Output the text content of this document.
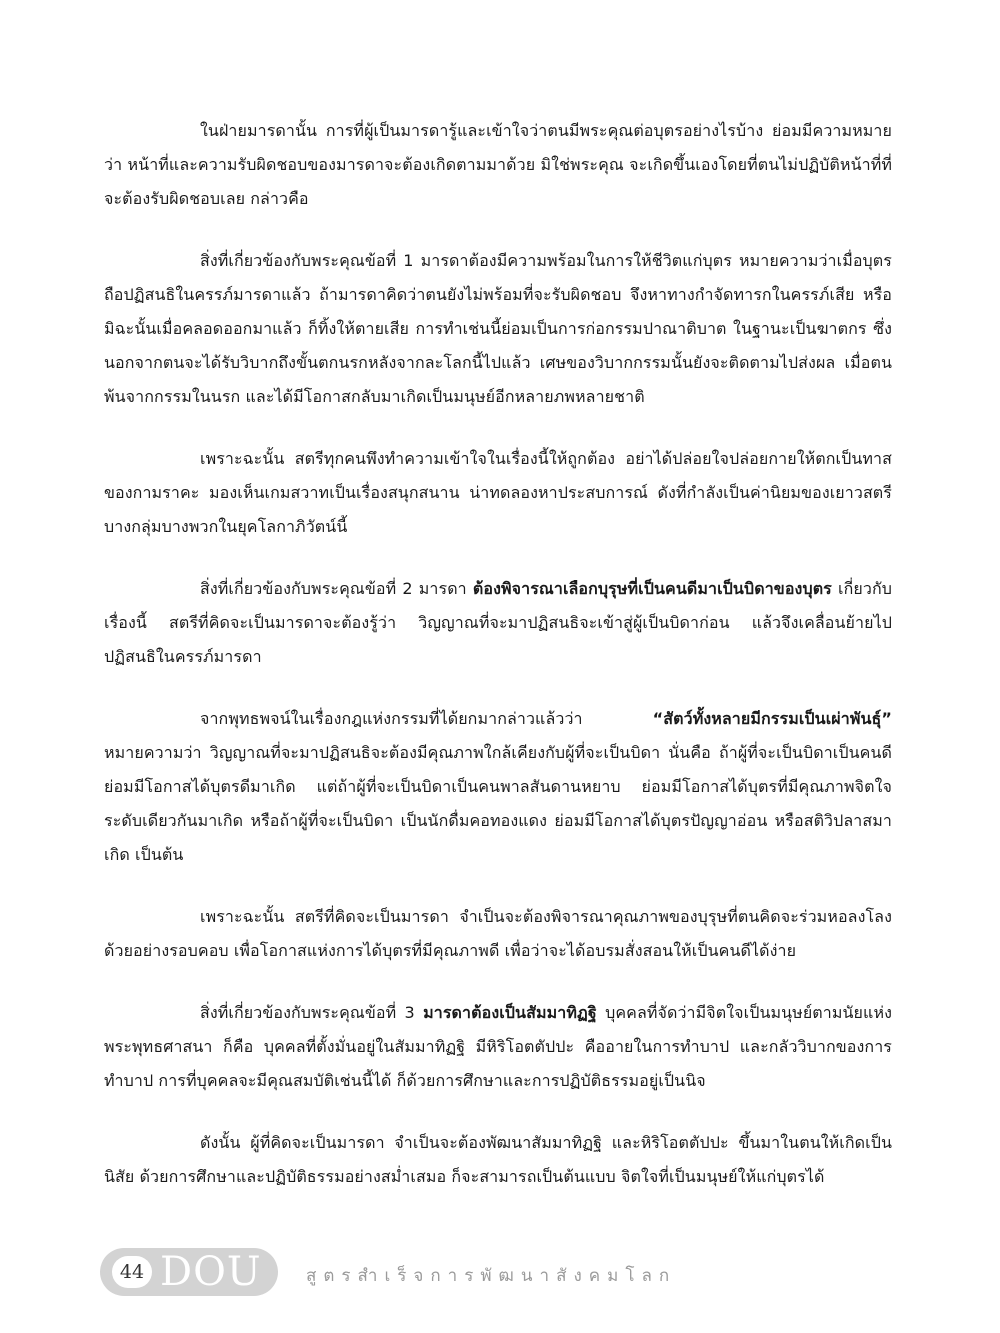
ในฝ่ายมารดานั้น การที่ผู้เป็นมารดารู้และเข้าใจว่าตนมีพระคุณต่อบุตรอย่างไรบ้าง ย่อมมีความหมายว่า หน้าที่และความรับผิดชอบของมารดาจะต้องเกิดตามมาด้วย มิใช่พระคุณ จะเกิดขึ้นเองโดยที่ตนไม่ปฏิบัติหน้าที่ที่จะต้องรับผิดชอบเลย กล่าวคือ

สิ่งที่เกี่ยวข้องกับพระคุณข้อที่ 1 มารดาต้องมีความพร้อมในการให้ชีวิตแก่บุตร หมายความว่าเมื่อบุตรถือปฏิสนธิในครรภ์มารดาแล้ว ถ้ามารดาคิดว่าตนยังไม่พร้อมที่จะรับผิดชอบ จึงหาทางกำจัดทารกในครรภ์เสีย หรือมิฉะนั้นเมื่อคลอดออกมาแล้ว ก็ทิ้งให้ตายเสีย การทำเช่นนี้ย่อมเป็นการก่อกรรมปาณาติบาต ในฐานะเป็นฆาตกร ซึ่งนอกจากตนจะได้รับวิบากถึงขั้นตกนรกหลังจากละโลกนี้ไปแล้ว เศษของวิบากกรรมนั้นยังจะติดตามไปส่งผล เมื่อตนพ้นจากกรรมในนรก และได้มีโอกาสกลับมาเกิดเป็นมนุษย์อีกหลายภพหลายชาติ

เพราะฉะนั้น สตรีทุกคนพึงทำความเข้าใจในเรื่องนี้ให้ถูกต้อง อย่าได้ปล่อยใจปล่อยกายให้ตกเป็นทาสของกามราคะ มองเห็นเกมสวาทเป็นเรื่องสนุกสนาน น่าทดลองหาประสบการณ์ ดังที่กำลังเป็นค่านิยมของเยาวสตรีบางกลุ่มบางพวกในยุคโลกาภิวัตน์นี้

สิ่งที่เกี่ยวข้องกับพระคุณข้อที่ 2 มารดา ต้องพิจารณาเลือกบุรุษที่เป็นคนดีมาเป็นบิดาของบุตร เกี่ยวกับเรื่องนี้ สตรีที่คิดจะเป็นมารดาจะต้องรู้ว่า วิญญาณที่จะมาปฏิสนธิจะเข้าสู่ผู้เป็นบิดาก่อน แล้วจึงเคลื่อนย้ายไปปฏิสนธิในครรภ์มารดา

จากพุทธพจน์ในเรื่องกฎแห่งกรรมที่ได้ยกมากล่าวแล้วว่า “สัตว์ทั้งหลายมีกรรมเป็นเผ่าพันธุ์” หมายความว่า วิญญาณที่จะมาปฏิสนธิจะต้องมีคุณภาพใกล้เคียงกับผู้ที่จะเป็นบิดา นั่นคือ ถ้าผู้ที่จะเป็นบิดาเป็นคนดี ย่อมมีโอกาสได้บุตรดีมาเกิด แต่ถ้าผู้ที่จะเป็นบิดาเป็นคนพาลสันดานหยาบ ย่อมมีโอกาสได้บุตรที่มีคุณภาพจิตใจระดับเดียวกันมาเกิด หรือถ้าผู้ที่จะเป็นบิดา เป็นนักดื่มคอทองแดง ย่อมมีโอกาสได้บุตรปัญญาอ่อน หรือสติวิปลาสมาเกิด เป็นต้น

เพราะฉะนั้น สตรีที่คิดจะเป็นมารดา จำเป็นจะต้องพิจารณาคุณภาพของบุรุษที่ตนคิดจะร่วมหอลงโลงด้วยอย่างรอบคอบ เพื่อโอกาสแห่งการได้บุตรที่มีคุณภาพดี เพื่อว่าจะได้อบรมสั่งสอนให้เป็นคนดีได้ง่าย

สิ่งที่เกี่ยวข้องกับพระคุณข้อที่ 3 มารดาต้องเป็นสัมมาทิฏฐิ บุคคลที่จัดว่ามีจิตใจเป็นมนุษย์ตามนัยแห่งพระพุทธศาสนา ก็คือ บุคคลที่ตั้งมั่นอยู่ในสัมมาทิฏฐิ มีหิริโอตตัปปะ คืออายในการทำบาป และกลัววิบากของการทำบาป การที่บุคคลจะมีคุณสมบัติเช่นนี้ได้ ก็ด้วยการศึกษาและการปฏิบัติธรรมอยู่เป็นนิจ

ดังนั้น ผู้ที่คิดจะเป็นมารดา จำเป็นจะต้องพัฒนาสัมมาทิฏฐิ และหิริโอตตัปปะ ขึ้นมาในตนให้เกิดเป็นนิสัย ด้วยการศึกษาและปฏิบัติธรรมอย่างสม่ำเสมอ ก็จะสามารถเป็นต้นแบบ จิตใจที่เป็นมนุษย์ให้แก่บุตรได้

44 DOU	สูตรสำเร็จการพัฒนาสังคมโลก
